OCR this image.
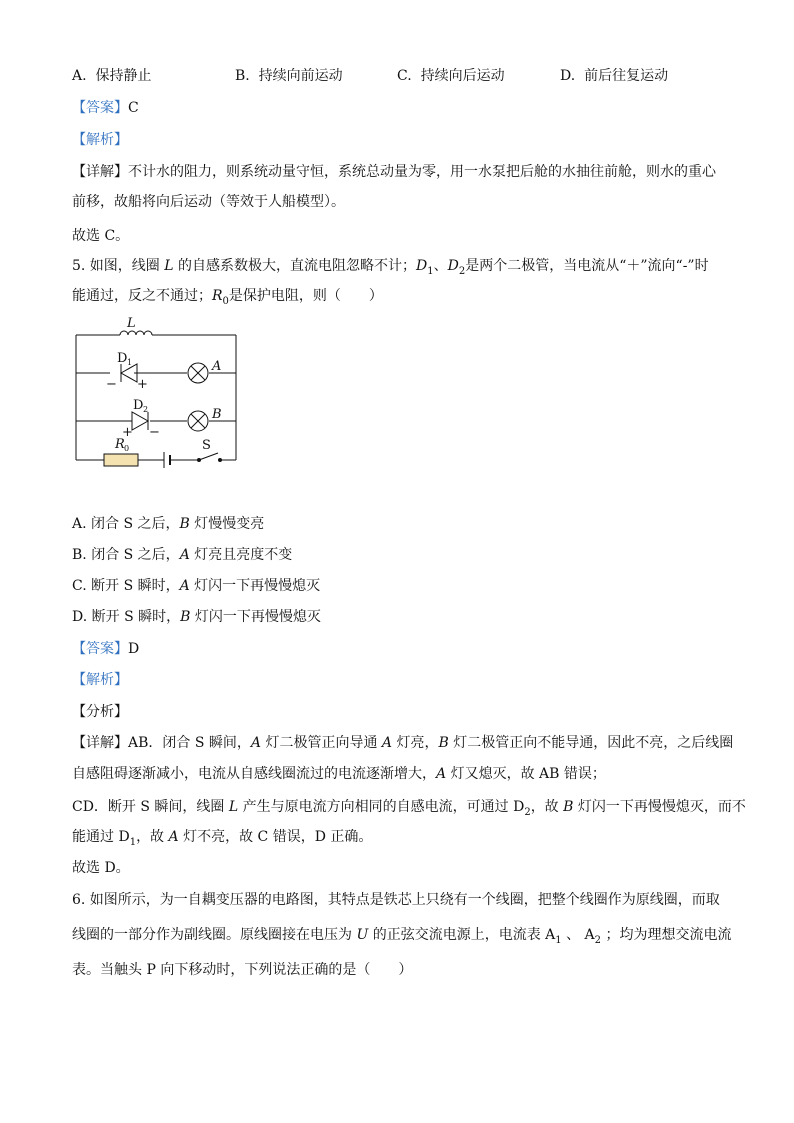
A. 保持静止	B. 持续向前运动	C. 持续向后运动	D. 前后往复运动
【答案】C
【解析】
【详解】不计水的阻力，则系统动量守恒，系统总动量为零，用一水泵把后舱的水抽往前舱，则水的重心
前移，故船将向后运动（等效于人船模型）。
故选 C。
5. 如图，线圈 L 的自感系数极大，直流电阻忽略不计；$D_1$、$D_2$是两个二极管，当电流从“＋”流向“-”时
能通过，反之不通过；$R_0$是保护电阻，则（　　）
L
D 1
− +
A
D 2
+ −
B
R 0	S
A. 闭合 S 之后，B 灯慢慢变亮
B. 闭合 S 之后，A 灯亮且亮度不变
C. 断开 S 瞬时，A 灯闪一下再慢慢熄灭
D. 断开 S 瞬时，B 灯闪一下再慢慢熄灭
【答案】D
【解析】
【分析】
【详解】AB．闭合 S 瞬间，A 灯二极管正向导通 A 灯亮，B 灯二极管正向不能导通，因此不亮，之后线圈
自感阻碍逐渐减小，电流从自感线圈流过的电流逐渐增大，A 灯又熄灭，故 AB 错误；
CD．断开 S 瞬间，线圈 L 产生与原电流方向相同的自感电流，可通过 $D_2$，故 B 灯闪一下再慢慢熄灭，而不
能通过 $D_1$，故 A 灯不亮，故 C 错误，D 正确。
故选 D。
6. 如图所示，为一自耦变压器的电路图，其特点是铁芯上只绕有一个线圈，把整个线圈作为原线圈，而取
线圈的一部分作为副线圈。原线圈接在电压为 U 的正弦交流电源上，电流表 $A_1$ 、 $A_2$ ；均为理想交流电流
表。当触头 P 向下移动时，下列说法正确的是（　　）
